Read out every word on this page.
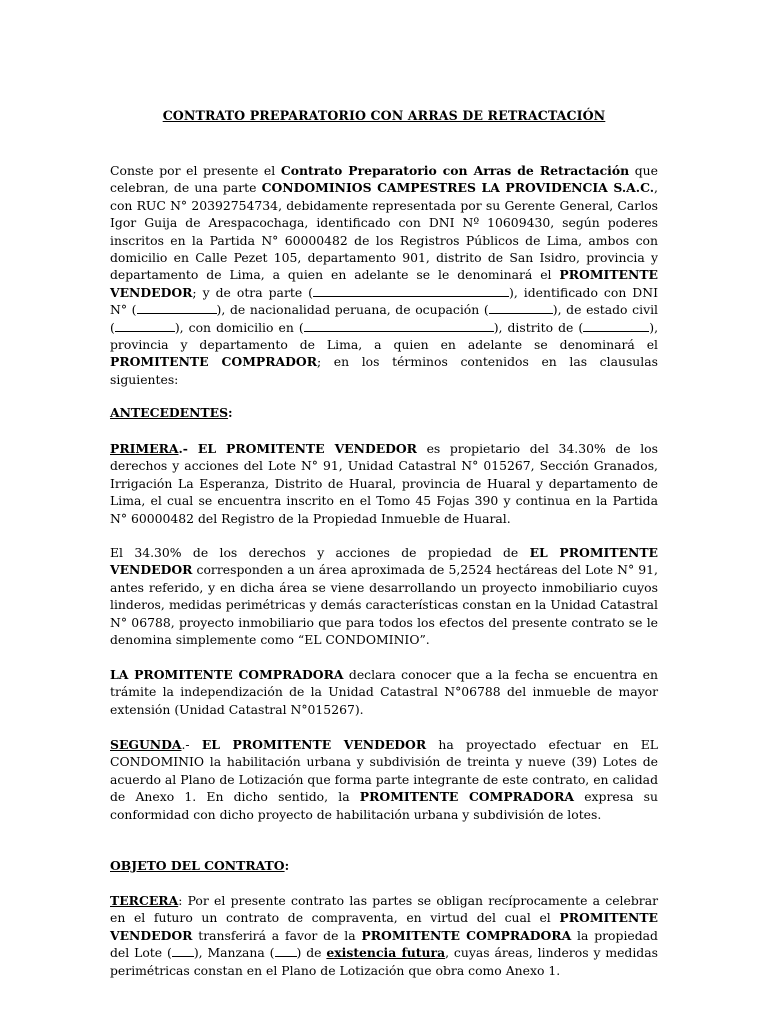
CONTRATO PREPARATORIO CON ARRAS DE RETRACTACIÓN
Conste por el presente el Contrato Preparatorio con Arras de Retractación que celebran, de una parte CONDOMINIOS CAMPESTRES LA PROVIDENCIA S.A.C., con RUC N° 20392754734, debidamente representada por su Gerente General, Carlos Igor Guija de Arespacochaga, identificado con DNI Nº 10609430, según poderes inscritos en la Partida N° 60000482 de los Registros Públicos de Lima, ambos con domicilio en Calle Pezet 105, departamento 901, distrito de San Isidro, provincia y departamento de Lima, a quien en adelante se le denominará el PROMITENTE VENDEDOR; y de otra parte (	), identificado con DNI N° (	), de nacionalidad peruana, de ocupación (	), de estado civil (	), con domicilio en (	), distrito de (	), provincia y departamento de Lima, a quien en adelante se denominará el PROMITENTE COMPRADOR; en los términos contenidos en las clausulas siguientes:
ANTECEDENTES:
PRIMERA.- EL PROMITENTE VENDEDOR es propietario del 34.30% de los derechos y acciones del Lote N° 91, Unidad Catastral N° 015267, Sección Granados, Irrigación La Esperanza, Distrito de Huaral, provincia de Huaral y departamento de Lima, el cual se encuentra inscrito en el Tomo 45 Fojas 390 y continua en la Partida N° 60000482 del Registro de la Propiedad Inmueble de Huaral.
El 34.30% de los derechos y acciones de propiedad de EL PROMITENTE VENDEDOR corresponden a un área aproximada de 5,2524 hectáreas del Lote N° 91, antes referido, y en dicha área se viene desarrollando un proyecto inmobiliario cuyos linderos, medidas perimétricas y demás características constan en la Unidad Catastral N° 06788, proyecto inmobiliario que para todos los efectos del presente contrato se le denomina simplemente como “EL CONDOMINIO”.
LA PROMITENTE COMPRADORA declara conocer que a la fecha se encuentra en trámite la independización de la Unidad Catastral N°06788 del inmueble de mayor extensión (Unidad Catastral N°015267).
SEGUNDA.- EL PROMITENTE VENDEDOR ha proyectado efectuar en EL CONDOMINIO la habilitación urbana y subdivisión de treinta y nueve (39) Lotes de acuerdo al Plano de Lotización que forma parte integrante de este contrato, en calidad de Anexo 1. En dicho sentido, la PROMITENTE COMPRADORA expresa su conformidad con dicho proyecto de habilitación urbana y subdivisión de lotes.
OBJETO DEL CONTRATO:
TERCERA: Por el presente contrato las partes se obligan recíprocamente a celebrar en el futuro un contrato de compraventa, en virtud del cual el PROMITENTE VENDEDOR transferirá a favor de la PROMITENTE COMPRADORA la propiedad del Lote ( ), Manzana ( ) de existencia futura, cuyas áreas, linderos y medidas perimétricas constan en el Plano de Lotización que obra como Anexo 1.
